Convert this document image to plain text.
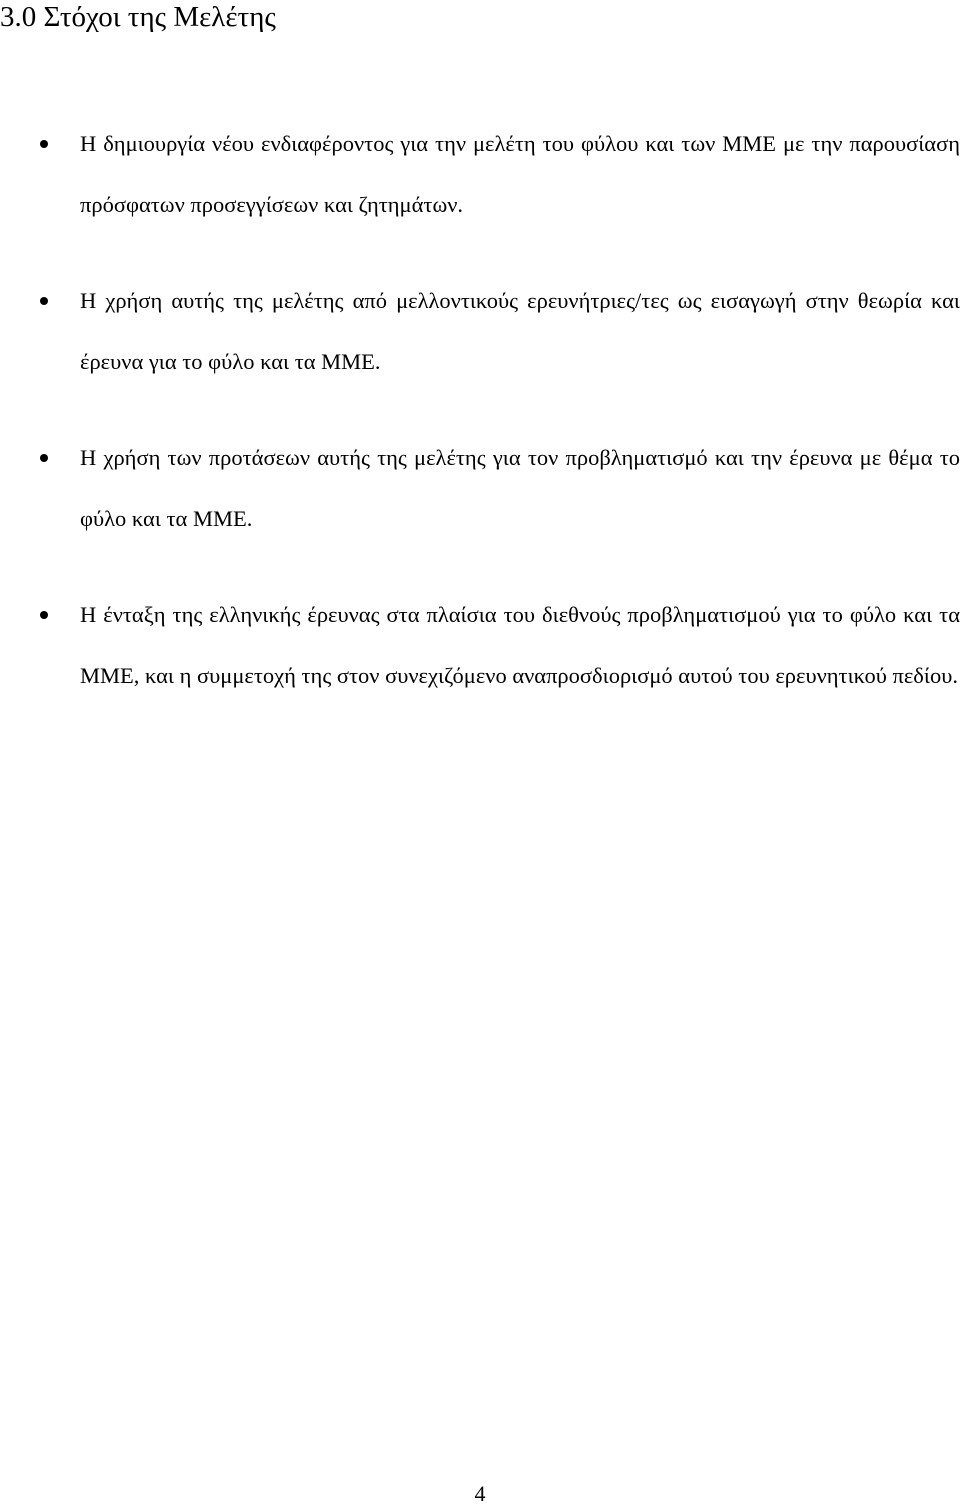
3.0 Στόχοι της Μελέτης
Η δημιουργία νέου ενδιαφέροντος για την μελέτη του φύλου και των ΜΜΕ με την παρουσίαση πρόσφατων προσεγγίσεων και ζητημάτων.
Η χρήση αυτής της μελέτης από μελλοντικούς ερευνήτριες/τες ως εισαγωγή στην θεωρία και έρευνα για το φύλο και τα ΜΜΕ.
Η χρήση των προτάσεων αυτής της μελέτης για τον προβληματισμό και την έρευνα με θέμα το φύλο και τα ΜΜΕ.
Η ένταξη της ελληνικής έρευνας στα πλαίσια του διεθνούς προβληματισμού για το φύλο και τα ΜΜΕ, και η συμμετοχή της στον συνεχιζόμενο αναπροσδιορισμό αυτού του ερευνητικού πεδίου.
4
